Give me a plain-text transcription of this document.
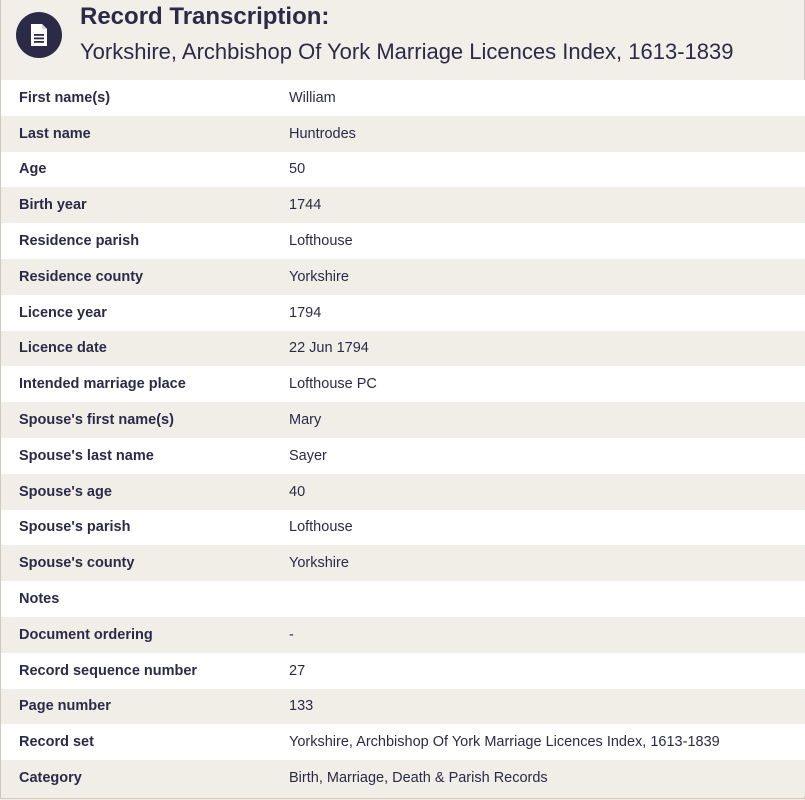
Record Transcription:
Yorkshire, Archbishop Of York Marriage Licences Index, 1613-1839
First name(s)	William
Last name	Huntrodes
Age	50
Birth year	1744
Residence parish	Lofthouse
Residence county	Yorkshire
Licence year	1794
Licence date	22 Jun 1794
Intended marriage place	Lofthouse PC
Spouse's first name(s)	Mary
Spouse's last name	Sayer
Spouse's age	40
Spouse's parish	Lofthouse
Spouse's county	Yorkshire
Notes	
Document ordering	-
Record sequence number	27
Page number	133
Record set	Yorkshire, Archbishop Of York Marriage Licences Index, 1613-1839
Category	Birth, Marriage, Death & Parish Records
